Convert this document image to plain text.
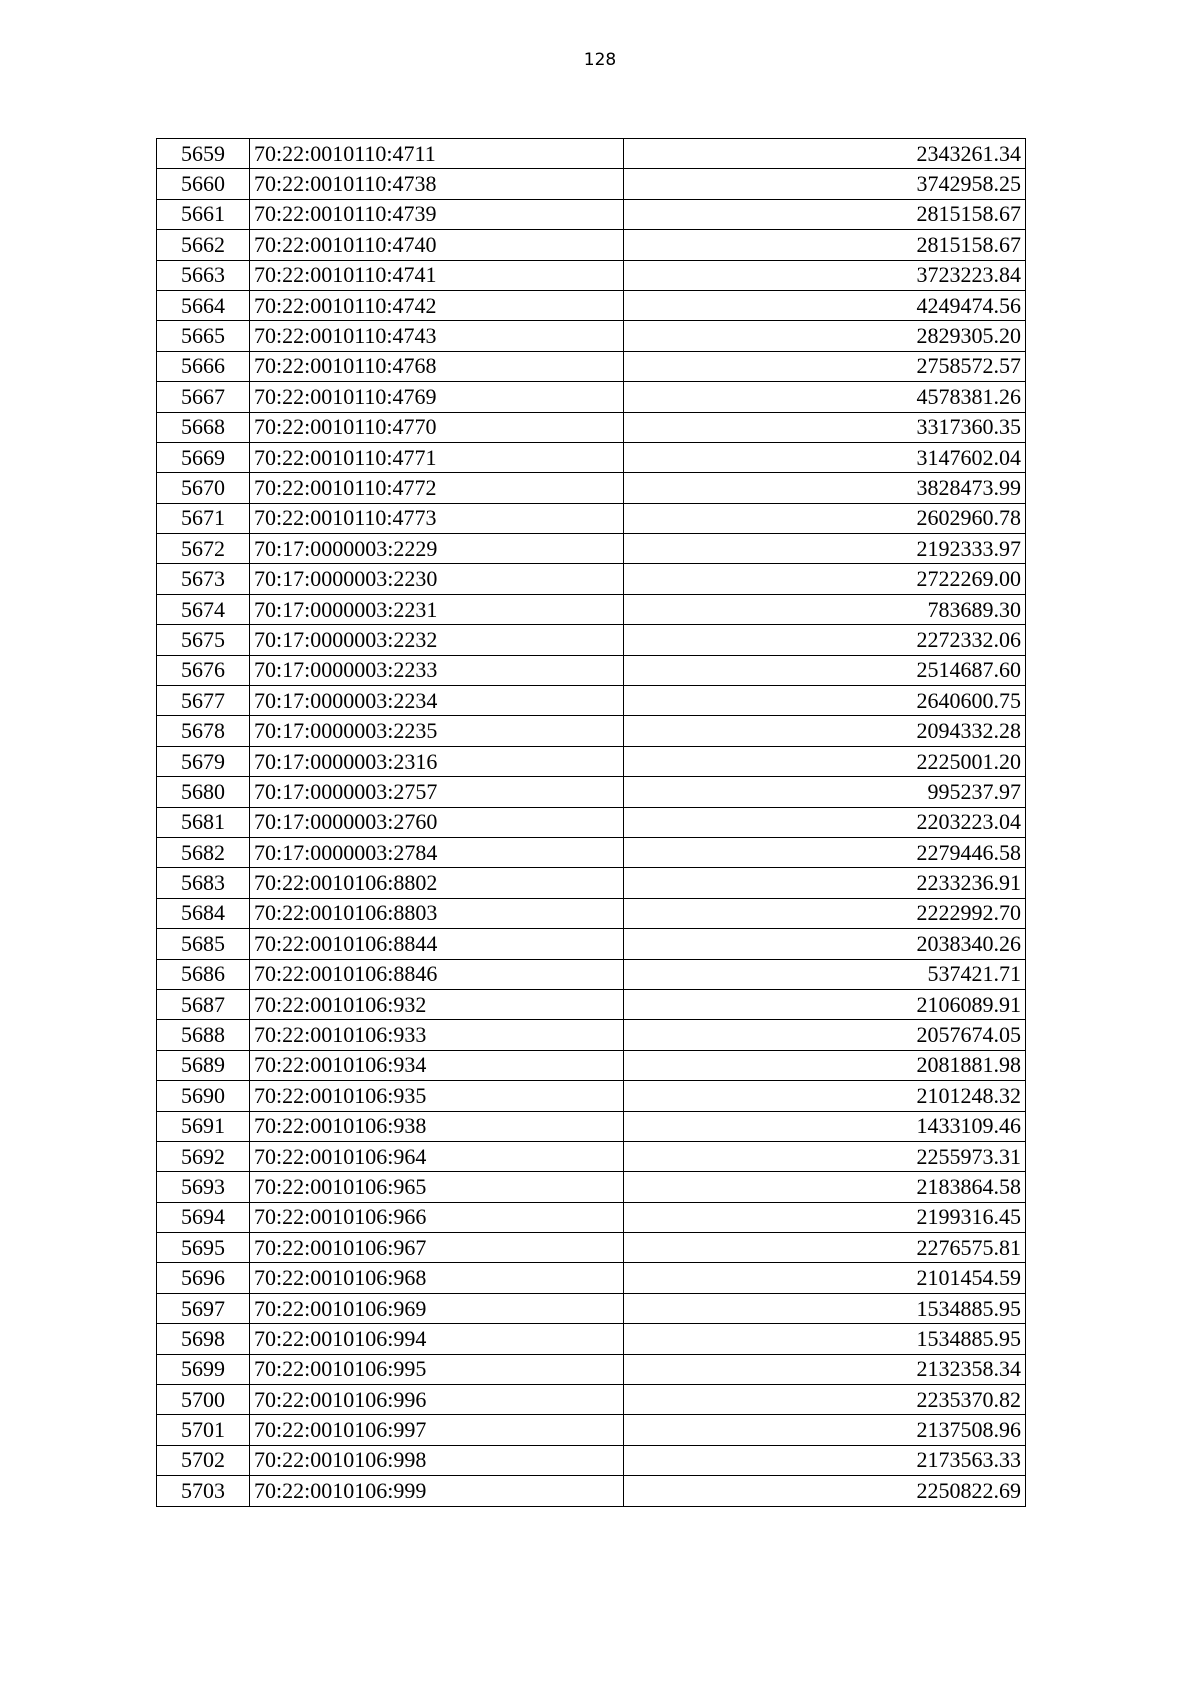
128
5659	70:22:0010110:4711		2343261.34
5660	70:22:0010110:4738		3742958.25
5661	70:22:0010110:4739		2815158.67
5662	70:22:0010110:4740		2815158.67
5663	70:22:0010110:4741		3723223.84
5664	70:22:0010110:4742		4249474.56
5665	70:22:0010110:4743		2829305.20
5666	70:22:0010110:4768		2758572.57
5667	70:22:0010110:4769		4578381.26
5668	70:22:0010110:4770		3317360.35
5669	70:22:0010110:4771		3147602.04
5670	70:22:0010110:4772		3828473.99
5671	70:22:0010110:4773		2602960.78
5672	70:17:0000003:2229		2192333.97
5673	70:17:0000003:2230		2722269.00
5674	70:17:0000003:2231		783689.30
5675	70:17:0000003:2232		2272332.06
5676	70:17:0000003:2233		2514687.60
5677	70:17:0000003:2234		2640600.75
5678	70:17:0000003:2235		2094332.28
5679	70:17:0000003:2316		2225001.20
5680	70:17:0000003:2757		995237.97
5681	70:17:0000003:2760		2203223.04
5682	70:17:0000003:2784		2279446.58
5683	70:22:0010106:8802		2233236.91
5684	70:22:0010106:8803		2222992.70
5685	70:22:0010106:8844		2038340.26
5686	70:22:0010106:8846		537421.71
5687	70:22:0010106:932		2106089.91
5688	70:22:0010106:933		2057674.05
5689	70:22:0010106:934		2081881.98
5690	70:22:0010106:935		2101248.32
5691	70:22:0010106:938		1433109.46
5692	70:22:0010106:964		2255973.31
5693	70:22:0010106:965		2183864.58
5694	70:22:0010106:966		2199316.45
5695	70:22:0010106:967		2276575.81
5696	70:22:0010106:968		2101454.59
5697	70:22:0010106:969		1534885.95
5698	70:22:0010106:994		1534885.95
5699	70:22:0010106:995		2132358.34
5700	70:22:0010106:996		2235370.82
5701	70:22:0010106:997		2137508.96
5702	70:22:0010106:998		2173563.33
5703	70:22:0010106:999		2250822.69
